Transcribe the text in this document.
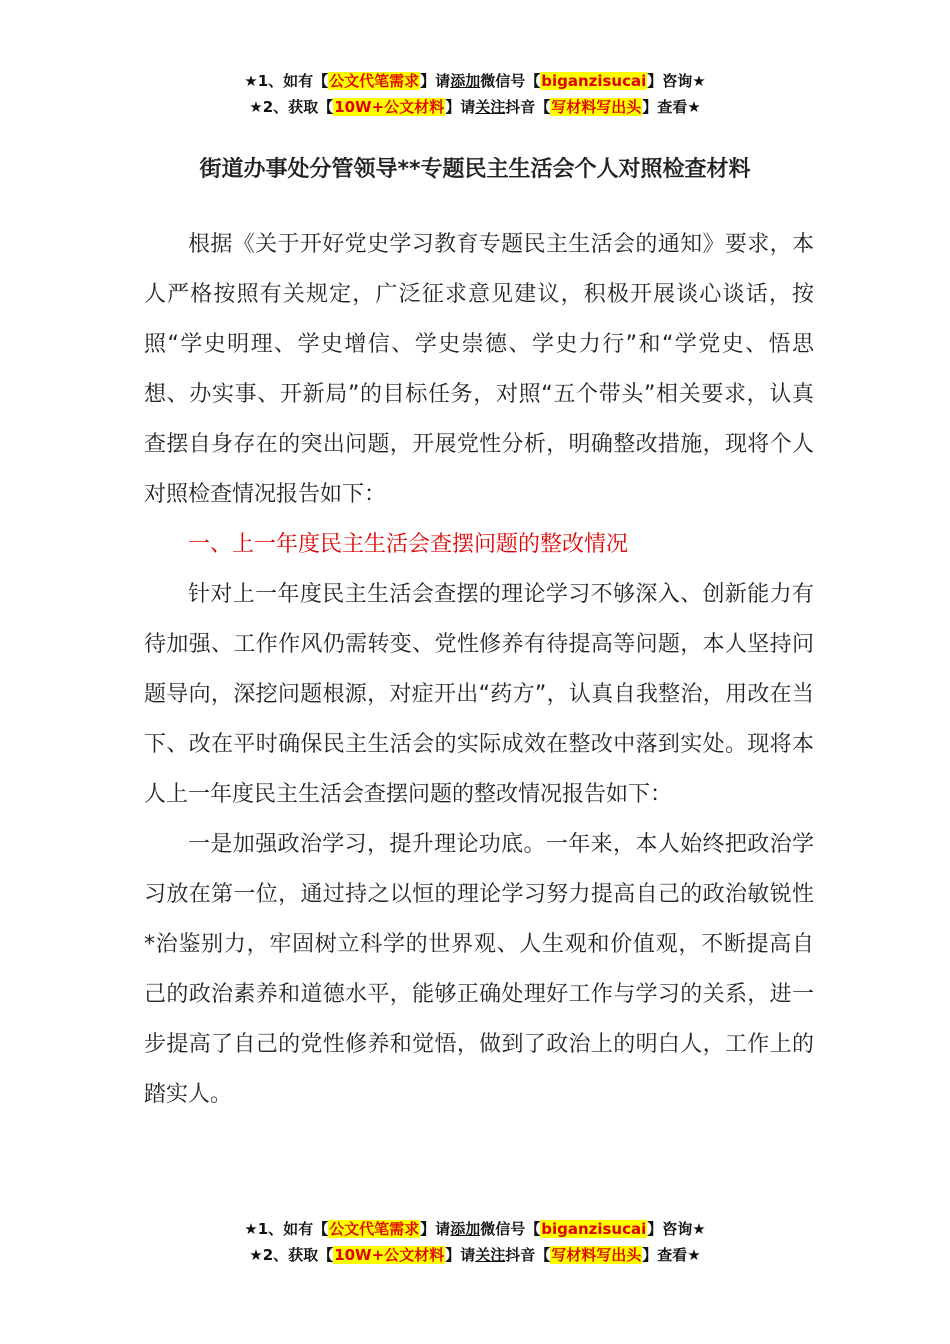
★1、如有【公文代笔需求】请添加微信号【biganzisucai】咨询★
★2、获取【10W+公文材料】请关注抖音【写材料写出头】查看★
街道办事处分管领导**专题民主生活会个人对照检查材料

根据《关于开好党史学习教育专题民主生活会的通知》要求，本人严格按照有关规定，广泛征求意见建议，积极开展谈心谈话，按照“学史明理、学史增信、学史崇德、学史力行”和“学党史、悟思想、办实事、开新局”的目标任务，对照“五个带头”相关要求，认真查摆自身存在的突出问题，开展党性分析，明确整改措施，现将个人对照检查情况报告如下：

一、上一年度民主生活会查摆问题的整改情况

针对上一年度民主生活会查摆的理论学习不够深入、创新能力有待加强、工作作风仍需转变、党性修养有待提高等问题，本人坚持问题导向，深挖问题根源，对症开出“药方”，认真自我整治，用改在当下、改在平时确保民主生活会的实际成效在整改中落到实处。现将本人上一年度民主生活会查摆问题的整改情况报告如下：

一是加强政治学习，提升理论功底。一年来，本人始终把政治学习放在第一位，通过持之以恒的理论学习努力提高自己的政治敏锐性*治鉴别力，牢固树立科学的世界观、人生观和价值观，不断提高自己的政治素养和道德水平，能够正确处理好工作与学习的关系，进一步提高了自己的党性修养和觉悟，做到了政治上的明白人，工作上的踏实人。

★1、如有【公文代笔需求】请添加微信号【biganzisucai】咨询★
★2、获取【10W+公文材料】请关注抖音【写材料写出头】查看★
